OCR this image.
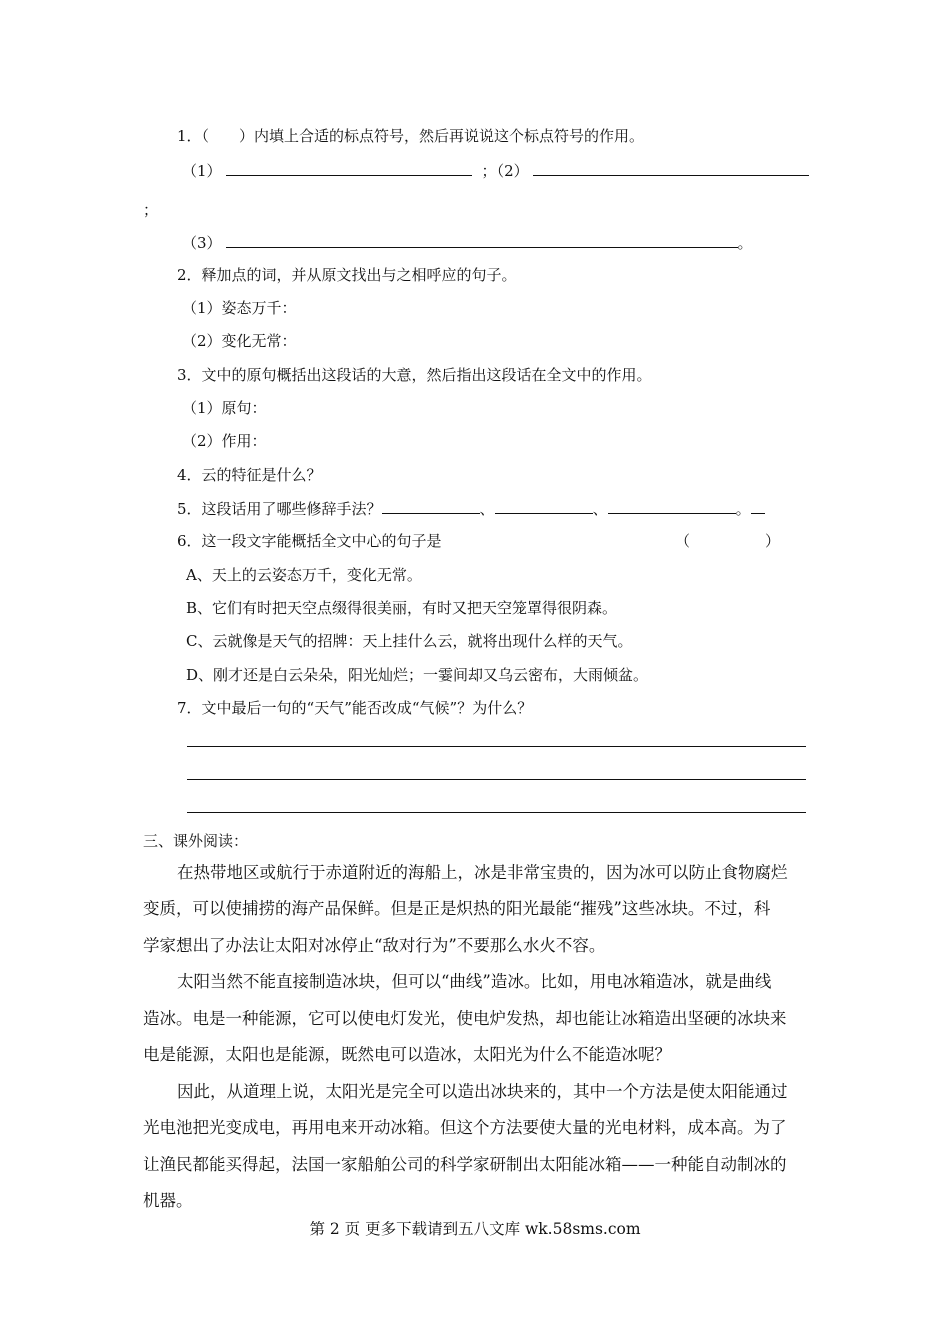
1．（　　）内填上合适的标点符号，然后再说说这个标点符号的作用。
（1）	；（2）
；
（3）	。
2．释加点的词，并从原文找出与之相呼应的句子。
（1）姿态万千：
（2）变化无常：
3．文中的原句概括出这段话的大意，然后指出这段话在全文中的作用。
（1）原句：
（2）作用：
4．云的特征是什么？
5．这段话用了哪些修辞手法？	、	、	。
6．这一段文字能概括全文中心的句子是	（　　　　　）
A、天上的云姿态万千，变化无常。
B、它们有时把天空点缀得很美丽，有时又把天空笼罩得很阴森。
C、云就像是天气的招牌：天上挂什么云，就将出现什么样的天气。
D、刚才还是白云朵朵，阳光灿烂；一霎间却又乌云密布，大雨倾盆。
7．文中最后一句的“天气”能否改成“气候”？为什么？
三、课外阅读：
在热带地区或航行于赤道附近的海船上，冰是非常宝贵的，因为冰可以防止食物腐烂
变质，可以使捕捞的海产品保鲜。但是正是炽热的阳光最能“摧残”这些冰块。不过，科
学家想出了办法让太阳对冰停止“敌对行为”不要那么水火不容。
太阳当然不能直接制造冰块，但可以“曲线”造冰。比如，用电冰箱造冰，就是曲线
造冰。电是一种能源，它可以使电灯发光，使电炉发热，却也能让冰箱造出坚硬的冰块来
电是能源，太阳也是能源，既然电可以造冰，太阳光为什么不能造冰呢？
因此，从道理上说，太阳光是完全可以造出冰块来的，其中一个方法是使太阳能通过
光电池把光变成电，再用电来开动冰箱。但这个方法要使大量的光电材料，成本高。为了
让渔民都能买得起，法国一家船舶公司的科学家研制出太阳能冰箱——一种能自动制冰的
机器。
第 2 页 更多下载请到五八文库 wk.58sms.com
